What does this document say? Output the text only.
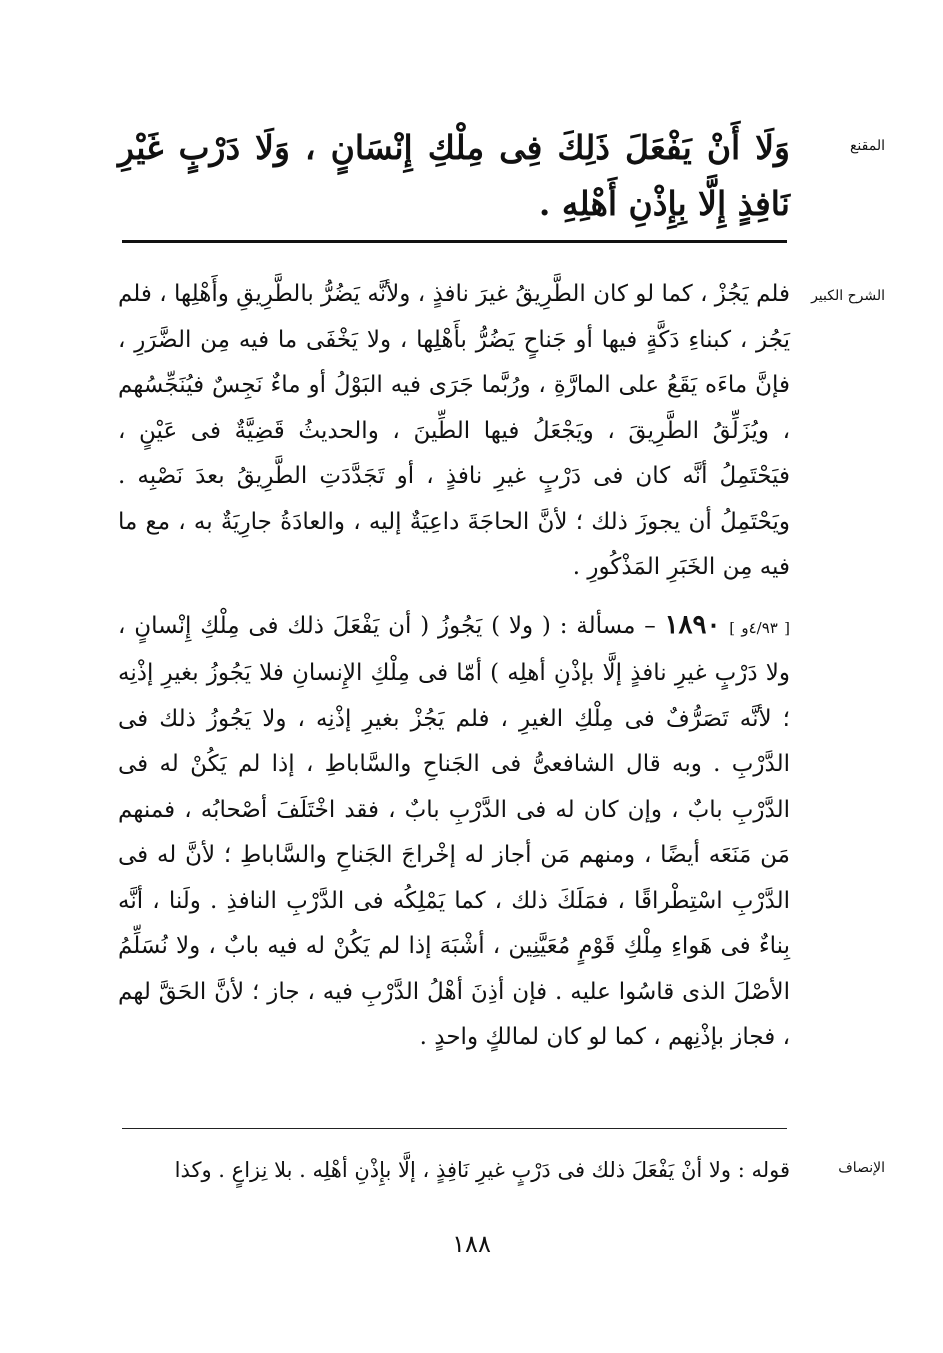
المقنع
وَلَا أَنْ يَفْعَلَ ذَلِكَ فِى مِلْكِ إِنْسَانٍ ، وَلَا دَرْبٍ غَيْرِ نَافِذٍ إِلَّا بِإِذْنِ أَهْلِهِ .
الشرح الكبير

فلم يَجُزْ ، كما لو كان الطَّرِيقُ غيرَ نافذٍ ، ولأنَّه يَضُرُّ بالطَّرِيقِ وأَهْلِها ، فلم يَجُز ، كبناءِ دَكَّةٍ فيها أو جَناحٍ يَضُرُّ بأَهْلِها ، ولا يَخْفَى ما فيه مِن الضَّرَرِ ، فإنَّ ماءَه يَقَعُ على المارَّةِ ، ورُبَّما جَرَى فيه البَوْلُ أو ماءٌ نَجِسٌ فيُنَجِّسُهم ، ويُزَلِّقُ الطَّرِيقَ ، ويَجْعَلُ فيها الطِّينَ ، والحديثُ قَضِيَّةٌ فى عَيْنٍ ، فيَحْتَمِلُ أنَّه كان فى دَرْبٍ غيرِ نافذٍ ، أو تَجَدَّدَتِ الطَّرِيقُ بعدَ نَصْبِه . ويَحْتَمِلُ أن يجوزَ ذلك ؛ لأنَّ الحاجَةَ داعِيَةٌ إليه ، والعادَةُ جارِيَةٌ به ، مع ما فيه مِن الخَبَرِ المَذْكُورِ .

[ ٤/٩٣و ] ١٨٩٠ – مسألة : ( ولا ) يَجُوزُ ( أن يَفْعَلَ ذلك فى مِلْكِ إِنْسانٍ ، ولا دَرْبٍ غيرِ نافذٍ إلَّا بإذْنِ أهلِه ) أمّا فى مِلْكِ الإِنسانِ فلا يَجُوزُ بغيرِ إذْنِه ؛ لأنَّه تَصَرُّفٌ فى مِلْكِ الغيرِ ، فلم يَجُزْ بغيرِ إذْنِه ، ولا يَجُوزُ ذلك فى الدَّرْبِ . وبه قال الشافعىُّ فى الجَناحِ والسَّاباطِ ، إذا لم يَكُنْ له فى الدَّرْبِ بابٌ ، وإن كان له فى الدَّرْبِ بابٌ ، فقد اخْتَلَفَ أصْحابُه ، فمنهم مَن مَنَعَه أيضًا ، ومنهم مَن أجاز له إخْراجَ الجَناحِ والسَّاباطِ ؛ لأنَّ له فى الدَّرْبِ اسْتِطْراقًا ، فمَلَكَ ذلك ، كما يَمْلِكُه فى الدَّرْبِ النافذِ . ولَنا ، أنَّه بِناءٌ فى هَواءِ مِلْكِ قَوْمٍ مُعَيَّنِين ، أشْبَهَ إذا لم يَكُنْ له فيه بابٌ ، ولا نُسَلِّمُ الأصْلَ الذى قاسُوا عليه . فإن أذِنَ أهْلُ الدَّرْبِ فيه ، جاز ؛ لأنَّ الحَقَّ لهم ، فجاز بإذْنِهم ، كما لو كان لمالكٍ واحدٍ .

الإنصاف
قوله : ولا أنْ يَفْعَلَ ذلك فى دَرْبٍ غيرِ نَافِذٍ ، إلَّا بإِذْنِ أهْلِه . بلا نِزاعٍ . وكذا
١٨٨
